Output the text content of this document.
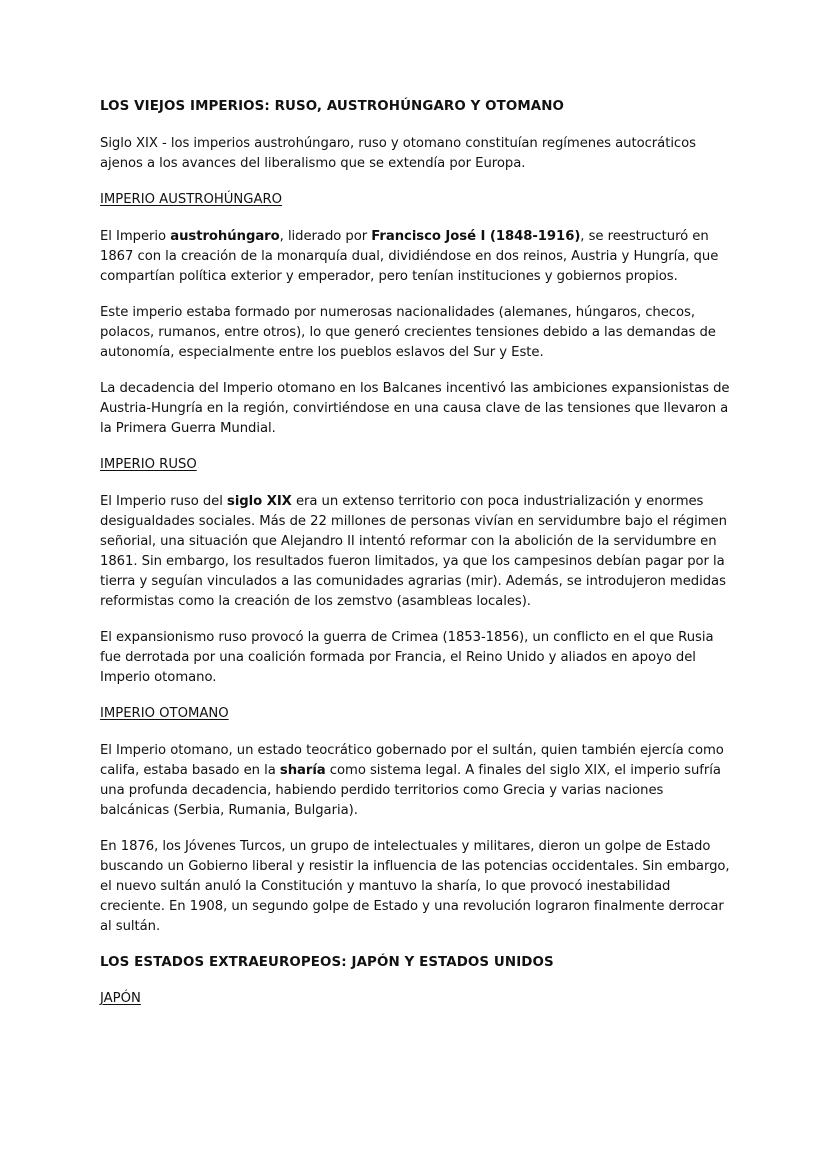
LOS VIEJOS IMPERIOS: RUSO, AUSTROHÚNGARO Y OTOMANO
Siglo XIX - los imperios austrohúngaro, ruso y otomano constituían regímenes autocráticos ajenos a los avances del liberalismo que se extendía por Europa.
IMPERIO AUSTROHÚNGARO
El Imperio austrohúngaro, liderado por Francisco José I (1848-1916), se reestructuró en 1867 con la creación de la monarquía dual, dividiéndose en dos reinos, Austria y Hungría, que compartían política exterior y emperador, pero tenían instituciones y gobiernos propios.
Este imperio estaba formado por numerosas nacionalidades (alemanes, húngaros, checos, polacos, rumanos, entre otros), lo que generó crecientes tensiones debido a las demandas de autonomía, especialmente entre los pueblos eslavos del Sur y Este.
La decadencia del Imperio otomano en los Balcanes incentivó las ambiciones expansionistas de Austria-Hungría en la región, convirtiéndose en una causa clave de las tensiones que llevaron a la Primera Guerra Mundial.
IMPERIO RUSO
El Imperio ruso del siglo XIX era un extenso territorio con poca industrialización y enormes desigualdades sociales. Más de 22 millones de personas vivían en servidumbre bajo el régimen señorial, una situación que Alejandro II intentó reformar con la abolición de la servidumbre en 1861. Sin embargo, los resultados fueron limitados, ya que los campesinos debían pagar por la tierra y seguían vinculados a las comunidades agrarias (mir). Además, se introdujeron medidas reformistas como la creación de los zemstvo (asambleas locales).
El expansionismo ruso provocó la guerra de Crimea (1853-1856), un conflicto en el que Rusia fue derrotada por una coalición formada por Francia, el Reino Unido y aliados en apoyo del Imperio otomano.
IMPERIO OTOMANO
El Imperio otomano, un estado teocrático gobernado por el sultán, quien también ejercía como califa, estaba basado en la sharía como sistema legal. A finales del siglo XIX, el imperio sufría una profunda decadencia, habiendo perdido territorios como Grecia y varias naciones balcánicas (Serbia, Rumania, Bulgaria).
En 1876, los Jóvenes Turcos, un grupo de intelectuales y militares, dieron un golpe de Estado buscando un Gobierno liberal y resistir la influencia de las potencias occidentales. Sin embargo, el nuevo sultán anuló la Constitución y mantuvo la sharía, lo que provocó inestabilidad creciente. En 1908, un segundo golpe de Estado y una revolución lograron finalmente derrocar al sultán.
LOS ESTADOS EXTRAEUROPEOS: JAPÓN Y ESTADOS UNIDOS
JAPÓN
